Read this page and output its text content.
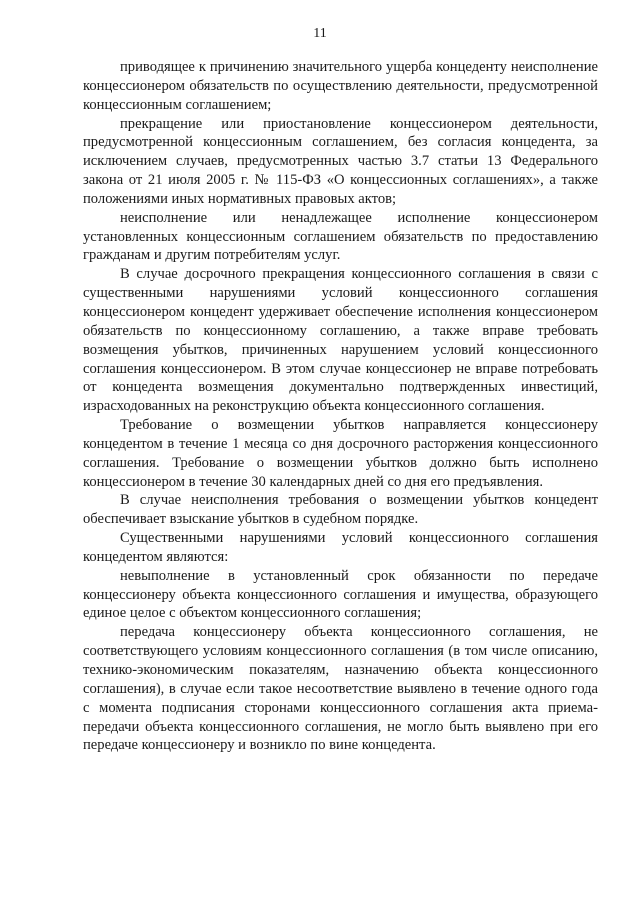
11

приводящее к причинению значительного ущерба концеденту неисполнение концессионером обязательств по осуществлению деятельности, предусмотренной концессионным соглашением;

прекращение или приостановление концессионером деятельности, предусмотренной концессионным соглашением, без согласия концедента, за исключением случаев, предусмотренных частью 3.7 статьи 13 Федерального закона от 21 июля 2005 г. № 115-ФЗ «О концессионных соглашениях», а также положениями иных нормативных правовых актов;

неисполнение или ненадлежащее исполнение концессионером установленных концессионным соглашением обязательств по предоставлению гражданам и другим потребителям услуг.

В случае досрочного прекращения концессионного соглашения в связи с существенными нарушениями условий концессионного соглашения концессионером концедент удерживает обеспечение исполнения концессионером обязательств по концессионному соглашению, а также вправе требовать возмещения убытков, причиненных нарушением условий концессионного соглашения концессионером. В этом случае концессионер не вправе потребовать от концедента возмещения документально подтвержденных инвестиций, израсходованных на реконструкцию объекта концессионного соглашения.

Требование о возмещении убытков направляется концессионеру концедентом в течение 1 месяца со дня досрочного расторжения концессионного соглашения. Требование о возмещении убытков должно быть исполнено концессионером в течение 30 календарных дней со дня его предъявления.

В случае неисполнения требования о возмещении убытков концедент обеспечивает взыскание убытков в судебном порядке.

Существенными нарушениями условий концессионного соглашения концедентом являются:

невыполнение в установленный срок обязанности по передаче концессионеру объекта концессионного соглашения и имущества, образующего единое целое с объектом концессионного соглашения;

передача концессионеру объекта концессионного соглашения, не соответствующего условиям концессионного соглашения (в том числе описанию, технико-экономическим показателям, назначению объекта концессионного соглашения), в случае если такое несоответствие выявлено в течение одного года с момента подписания сторонами концессионного соглашения акта приема-передачи объекта концессионного соглашения, не могло быть выявлено при его передаче концессионеру и возникло по вине концедента.
